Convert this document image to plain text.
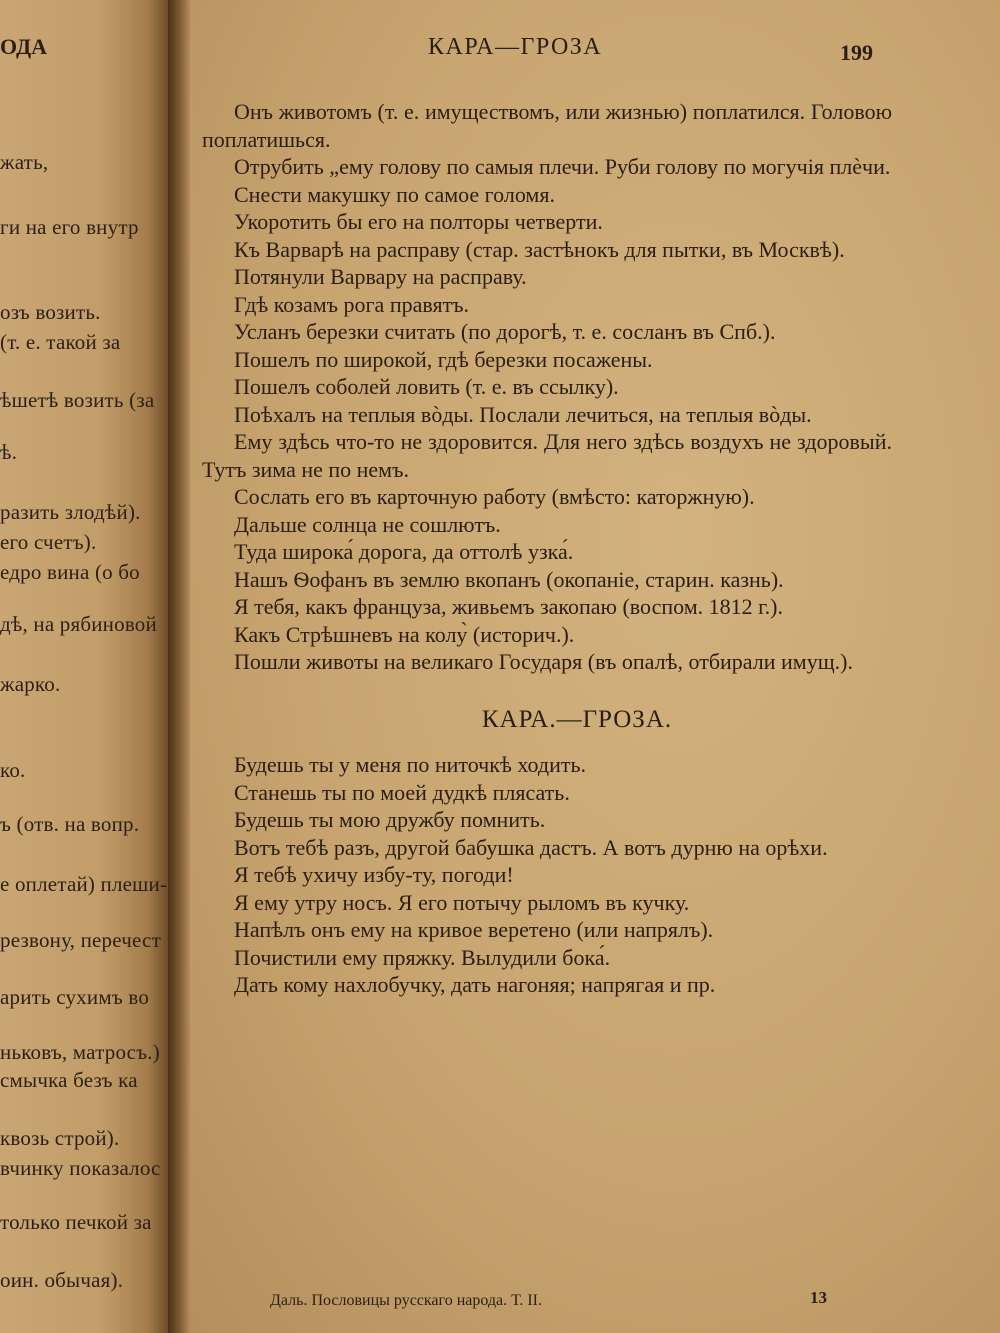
ОДА
жать,
ги на его внутр
озъ возить.
(т. е. такой за
ѣшетѣ возить (за
ѣ.
разить злодѣй).
его счетъ).
едро вина (о бо
дѣ, на рябиновой
жарко.
ко.
ъ (отв. на вопр.
е оплетай) плеши-
резвону, перечест
арить сухимъ во
ньковъ, матросъ.)
смычка безъ ка
квозь строй).
вчинку показалос
только печкой за
оин. обычая).
КАРА—ГРОЗА	199

Онъ животомъ (т. е. имуществомъ, или жизнью) поплатился. Головою поплатишься.

Отрубить „ему голову по самыя плечи. Руби голову по могучія плѐчи.

Снести макушку по самое голомя.

Укоротить бы его на полторы четверти.

Къ Варварѣ на расправу (стар. застѣнокъ для пытки, въ Москвѣ).

Потянули Варвару на расправу.

Гдѣ козамъ рога правятъ.

Усланъ березки считать (по дорогѣ, т. е. сосланъ въ Спб.).

Пошелъ по широкой, гдѣ березки посажены.

Пошелъ соболей ловить (т. е. въ ссылку).

Поѣхалъ на теплыя вòды. Послали лечиться, на теплыя вòды.

Ему здѣсь что-то не здоровится. Для него здѣсь воздухъ не здоровый. Тутъ зима не по немъ.

Сослать его въ карточную работу (вмѣсто: каторжную).

Дальше солнца не сошлютъ.

Туда широка́ дорога, да оттолѣ узка́.

Нашъ Ѳофанъ въ землю вкопанъ (окопаніе, старин. казнь).

Я тебя, какъ француза, живьемъ закопаю (воспом. 1812 г.).

Какъ Стрѣшневъ на колу̀ (историч.).

Пошли животы на великаго Государя (въ опалѣ, отбирали имущ.).

КАРА.—ГРОЗА.

Будешь ты у меня по ниточкѣ ходить.

Станешь ты по моей дудкѣ плясать.

Будешь ты мою дружбу помнить.

Вотъ тебѣ разъ, другой бабушка дастъ. А вотъ дурню на орѣхи.

Я тебѣ ухичу избу-ту, погоди!

Я ему утру носъ. Я его потычу рыломъ въ кучку.

Напѣлъ онъ ему на кривое веретено (или напрялъ).

Почистили ему пряжку. Вылудили бока́.

Дать кому нахлобучку, дать нагоняя; напрягая и пр.

Даль. Пословицы русскаго народа. Т. II.	13
